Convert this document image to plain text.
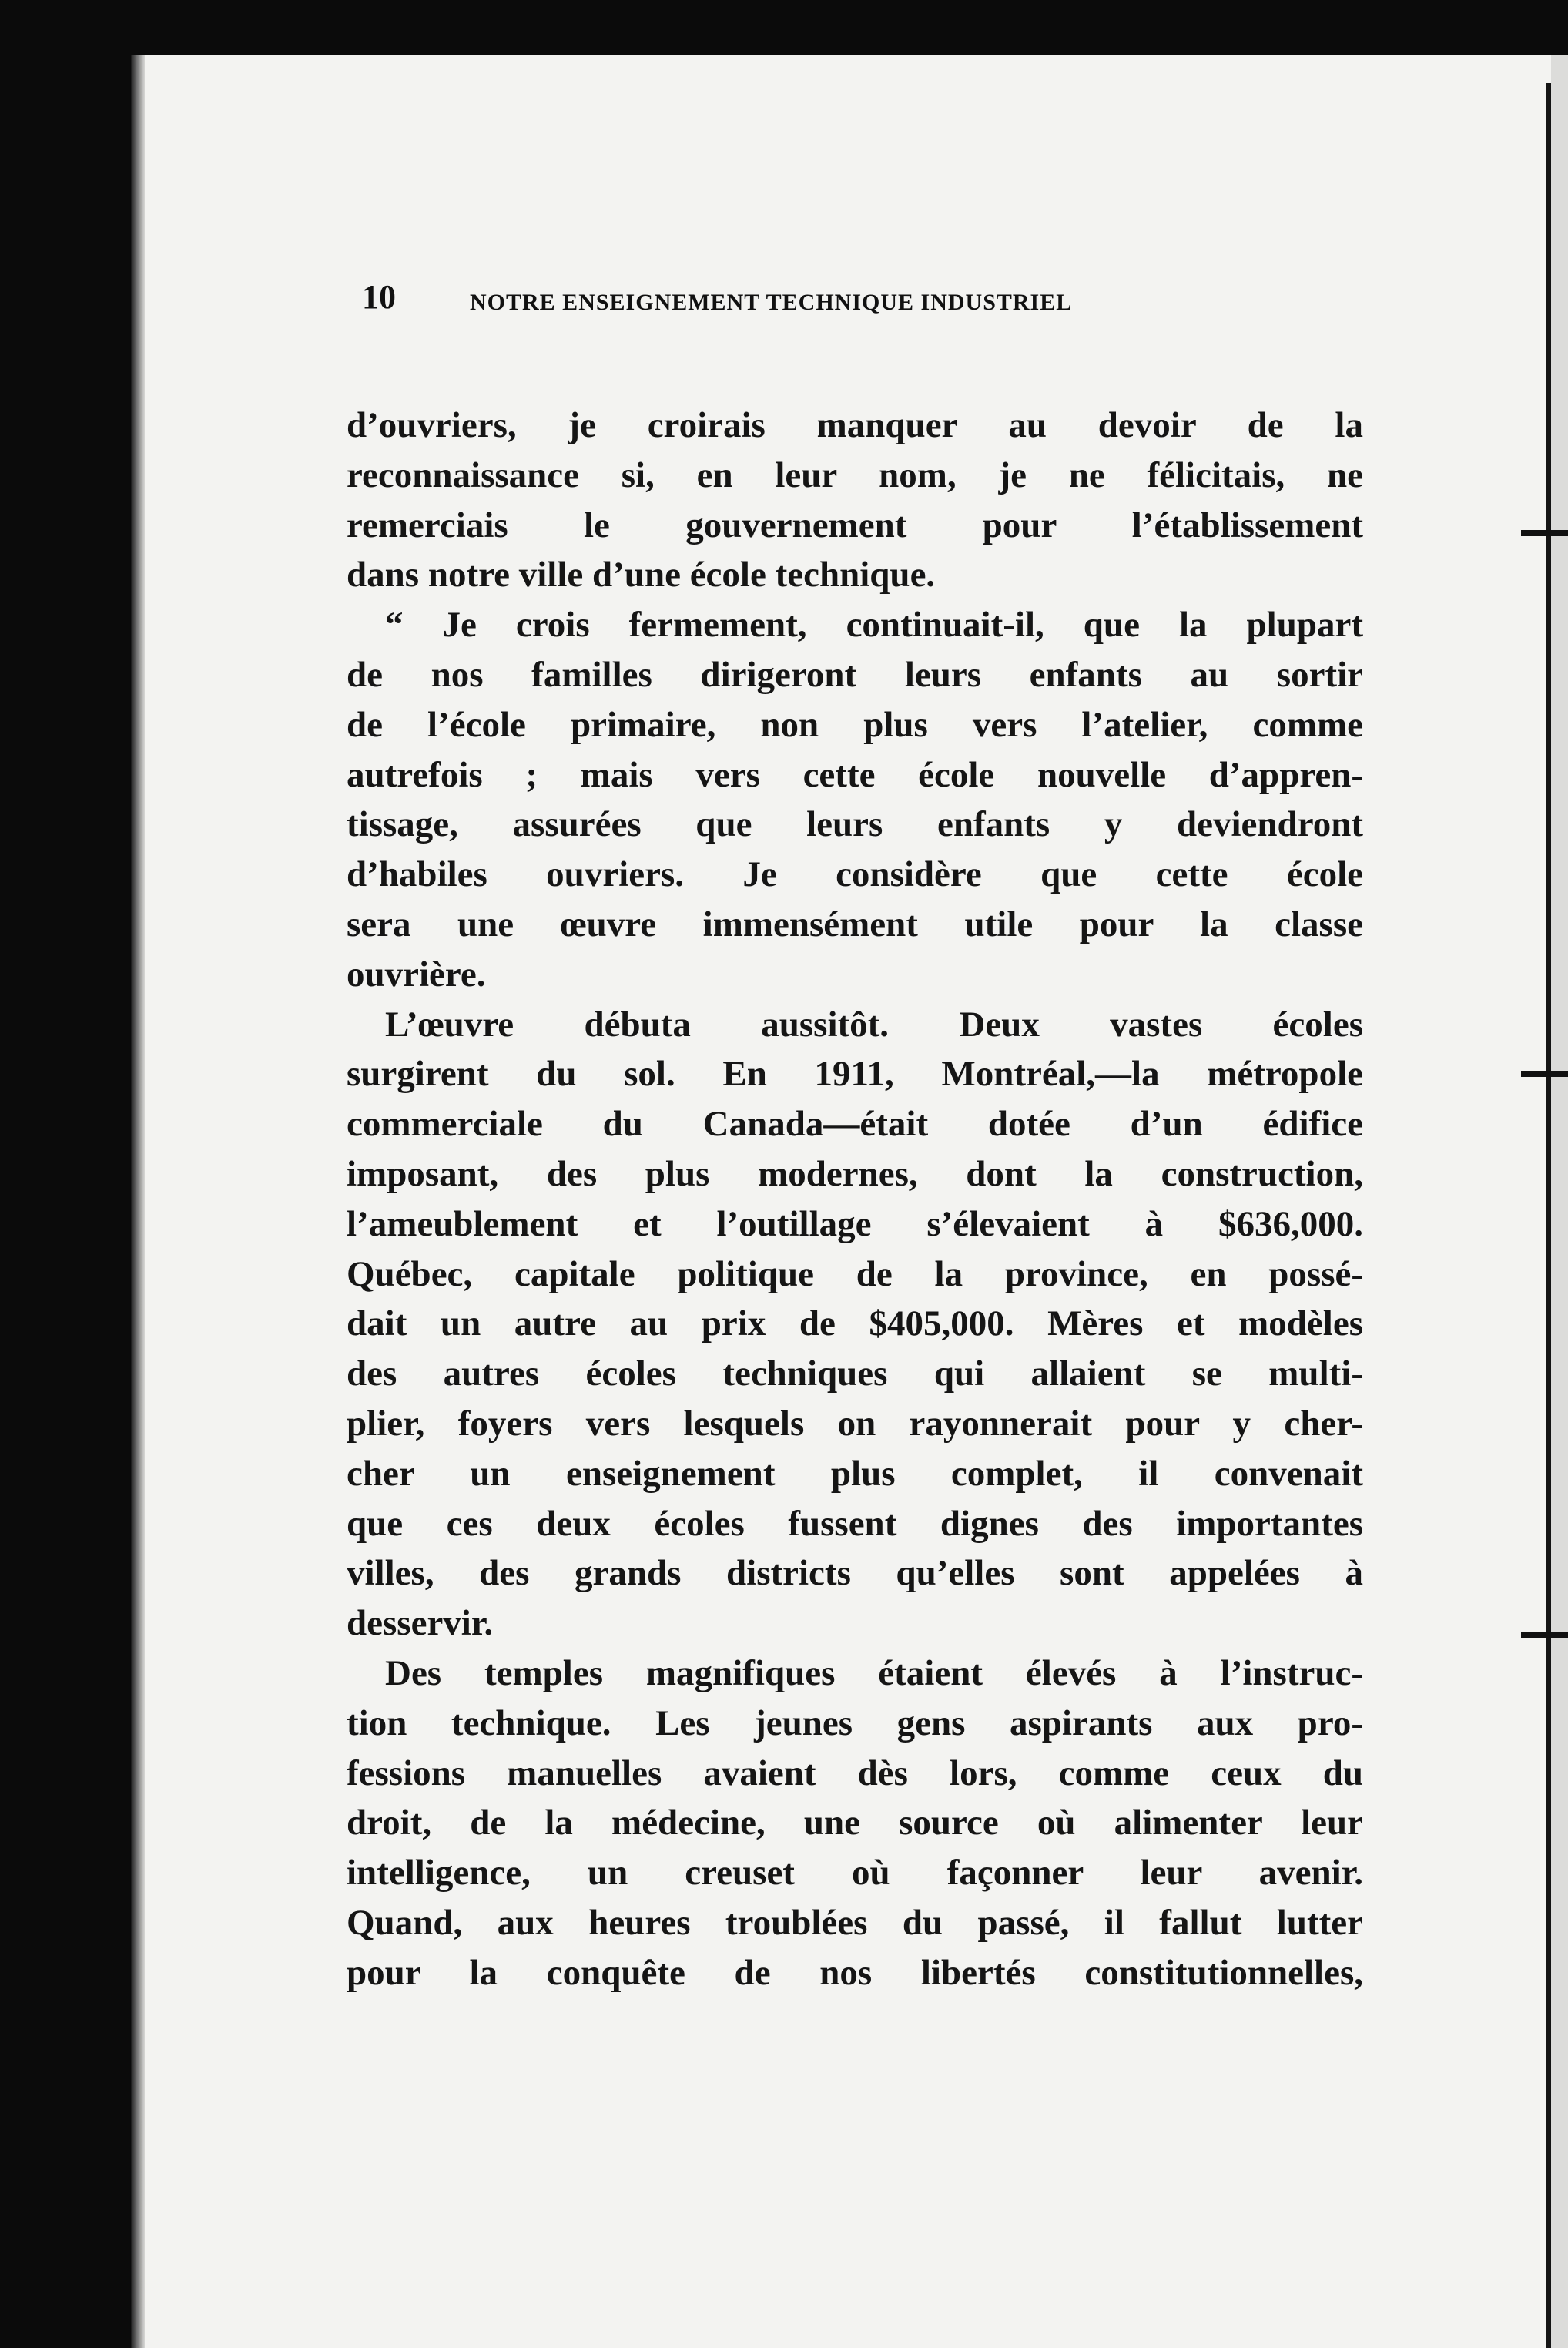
10	NOTRE ENSEIGNEMENT TECHNIQUE INDUSTRIEL

d’ouvriers, je croirais manquer au devoir de la
reconnaissance si, en leur nom, je ne félicitais, ne
remerciais le gouvernement pour l’établissement
dans notre ville d’une école technique.

“ Je crois fermement, continuait-il, que la plupart
de nos familles dirigeront leurs enfants au sortir
de l’école primaire, non plus vers l’atelier, comme
autrefois ; mais vers cette école nouvelle d’appren-
tissage, assurées que leurs enfants y deviendront
d’habiles ouvriers. Je considère que cette école
sera une œuvre immensément utile pour la classe
ouvrière.

L’œuvre débuta aussitôt. Deux vastes écoles
surgirent du sol. En 1911, Montréal,—la métropole
commerciale du Canada—était dotée d’un édifice
imposant, des plus modernes, dont la construction,
l’ameublement et l’outillage s’élevaient à $636,000.
Québec, capitale politique de la province, en possé-
dait un autre au prix de $405,000. Mères et modèles
des autres écoles techniques qui allaient se multi-
plier, foyers vers lesquels on rayonnerait pour y cher-
cher un enseignement plus complet, il convenait
que ces deux écoles fussent dignes des importantes
villes, des grands districts qu’elles sont appelées à
desservir.

Des temples magnifiques étaient élevés à l’instruc-
tion technique. Les jeunes gens aspirants aux pro-
fessions manuelles avaient dès lors, comme ceux du
droit, de la médecine, une source où alimenter leur
intelligence, un creuset où façonner leur avenir.
Quand, aux heures troublées du passé, il fallut lutter
pour la conquête de nos libertés constitutionnelles,
